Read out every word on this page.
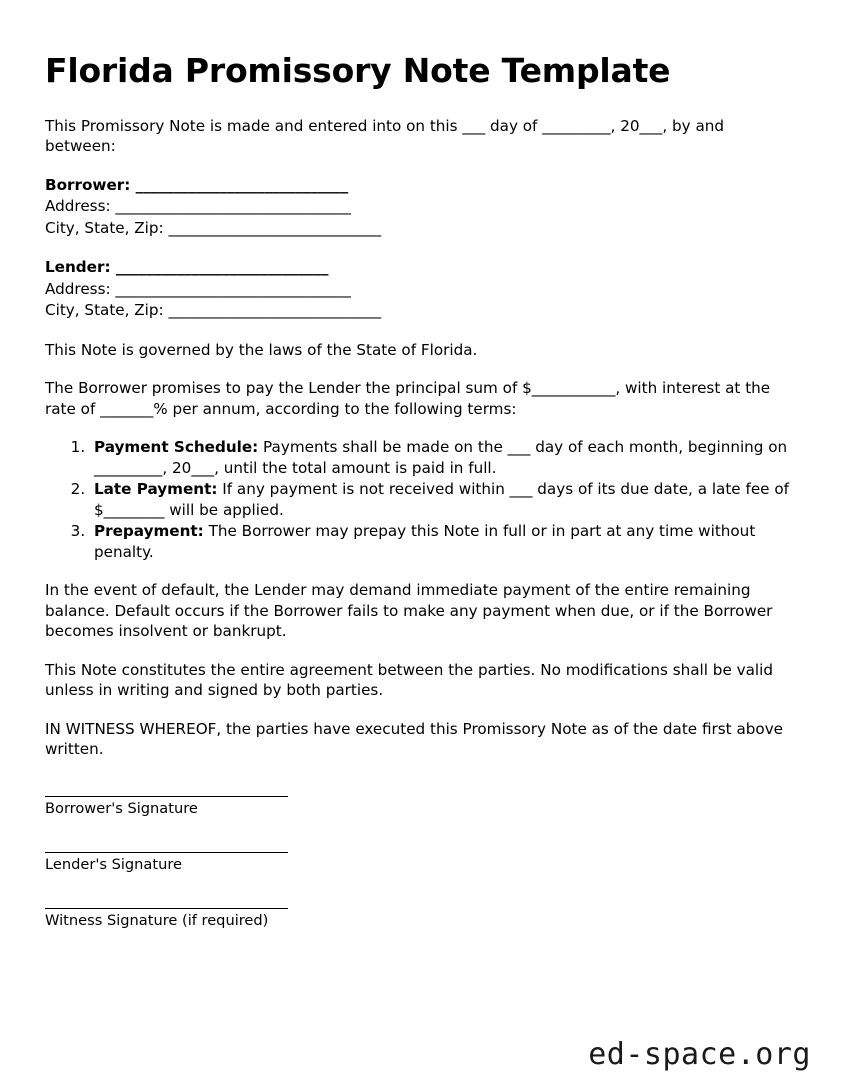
Florida Promissory Note Template

This Promissory Note is made and entered into on this ___ day of _________, 20___, by and between:

Borrower: ____________________________
Address: _______________________________
City, State, Zip: ____________________________
Lender: ____________________________
Address: _______________________________
City, State, Zip: ____________________________

This Note is governed by the laws of the State of Florida.

The Borrower promises to pay the Lender the principal sum of $___________, with interest at the rate of _______% per annum, according to the following terms:

1. Payment Schedule: Payments shall be made on the ___ day of each month, beginning on _________, 20___, until the total amount is paid in full.
2. Late Payment: If any payment is not received within ___ days of its due date, a late fee of $________ will be applied.
3. Prepayment: The Borrower may prepay this Note in full or in part at any time without penalty.

In the event of default, the Lender may demand immediate payment of the entire remaining balance. Default occurs if the Borrower fails to make any payment when due, or if the Borrower becomes insolvent or bankrupt.

This Note constitutes the entire agreement between the parties. No modifications shall be valid unless in writing and signed by both parties.

IN WITNESS WHEREOF, the parties have executed this Promissory Note as of the date first above written.

Borrower's Signature
Lender's Signature
Witness Signature (if required)
ed-space.org
